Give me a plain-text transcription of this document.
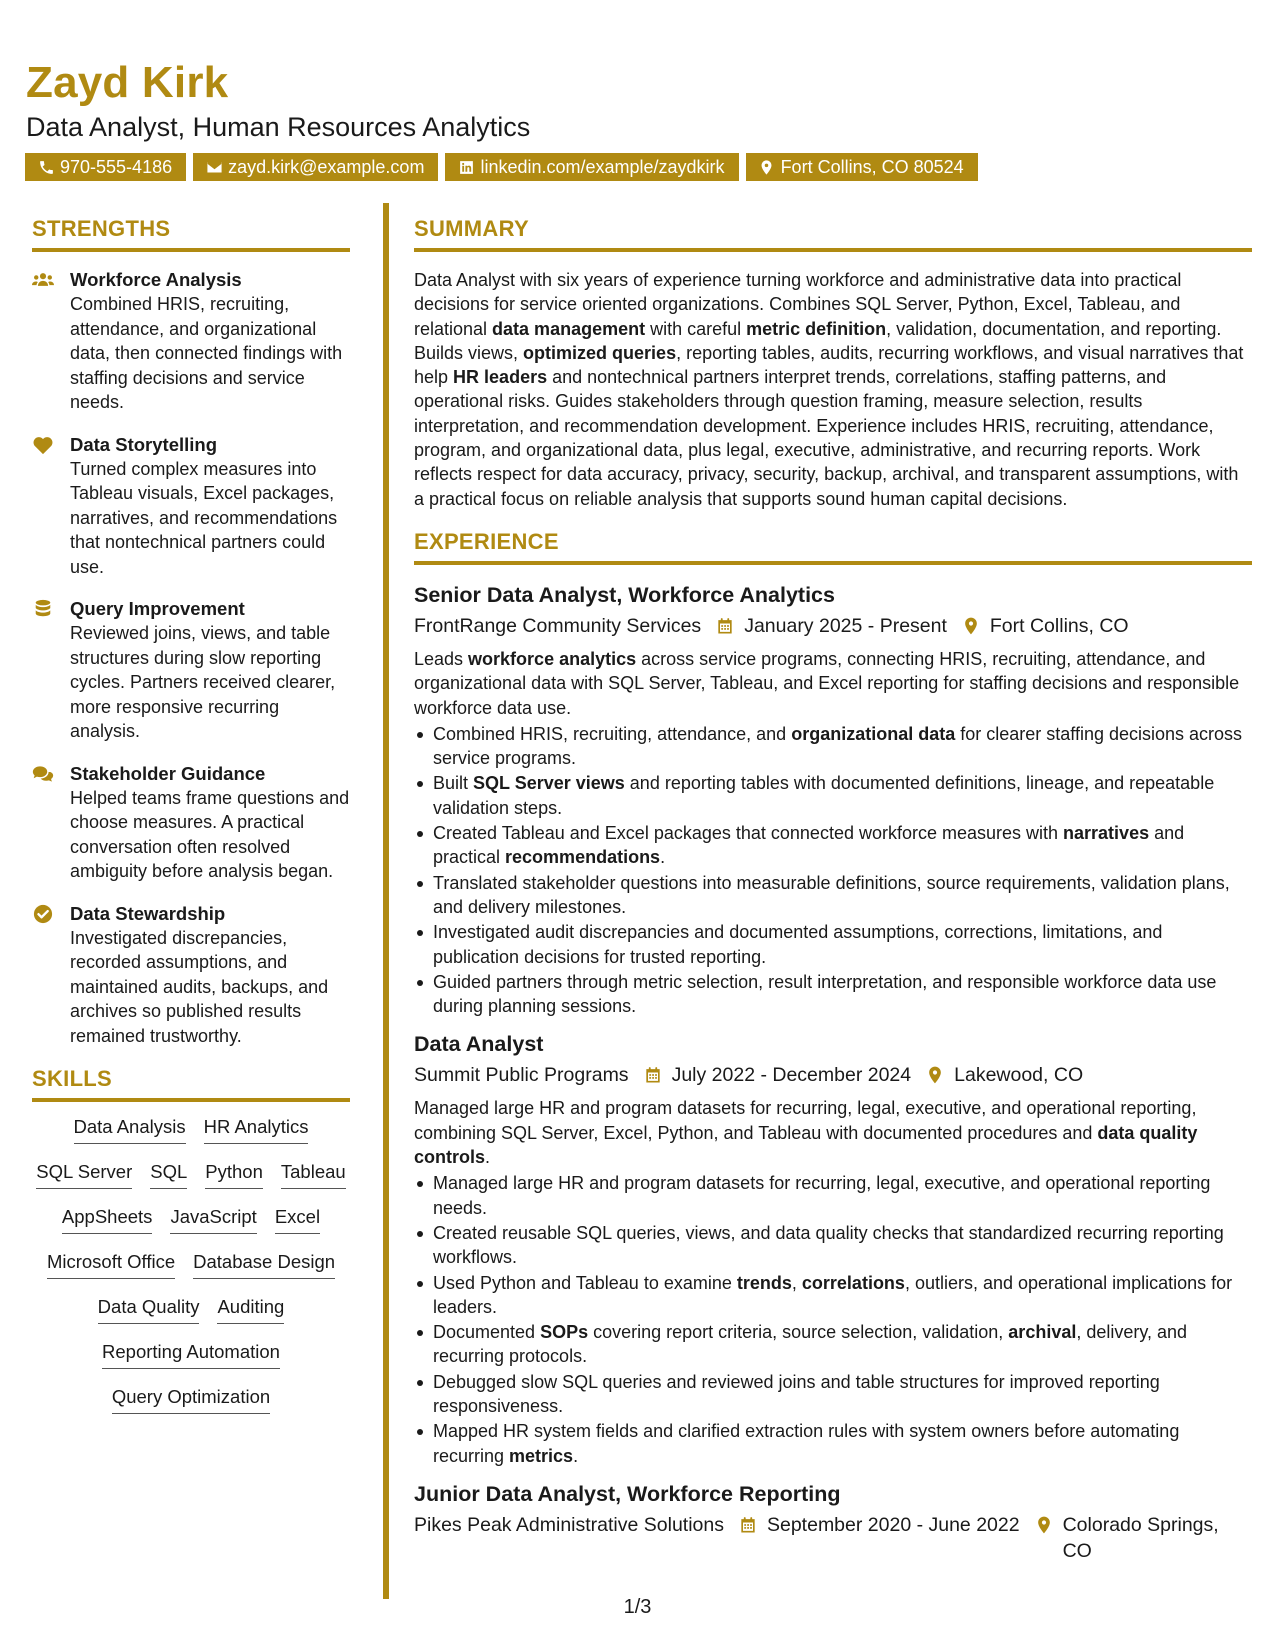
Zayd Kirk
Data Analyst, Human Resources Analytics
970-555-4186	zayd.kirk@example.com	linkedin.com/example/zaydkirk	Fort Collins, CO 80524
STRENGTHS
Workforce Analysis
Combined HRIS, recruiting, attendance, and organizational data, then connected findings with staffing decisions and service needs.
Data Storytelling
Turned complex measures into Tableau visuals, Excel packages, narratives, and recommendations that nontechnical partners could use.
Query Improvement
Reviewed joins, views, and table structures during slow reporting cycles. Partners received clearer, more responsive recurring analysis.
Stakeholder Guidance
Helped teams frame questions and choose measures. A practical conversation often resolved ambiguity before analysis began.
Data Stewardship
Investigated discrepancies, recorded assumptions, and maintained audits, backups, and archives so published results remained trustworthy.
SKILLS
Data Analysis HR Analytics
SQL Server SQL Python Tableau
AppSheets JavaScript Excel
Microsoft Office Database Design
Data Quality Auditing
Reporting Automation
Query Optimization
SUMMARY
Data Analyst with six years of experience turning workforce and administrative data into practical decisions for service oriented organizations. Combines SQL Server, Python, Excel, Tableau, and relational data management with careful metric definition, validation, documentation, and reporting. Builds views, optimized queries, reporting tables, audits, recurring workflows, and visual narratives that help HR leaders and nontechnical partners interpret trends, correlations, staffing patterns, and operational risks. Guides stakeholders through question framing, measure selection, results interpretation, and recommendation development. Experience includes HRIS, recruiting, attendance, program, and organizational data, plus legal, executive, administrative, and recurring reports. Work reflects respect for data accuracy, privacy, security, backup, archival, and transparent assumptions, with a practical focus on reliable analysis that supports sound human capital decisions.
EXPERIENCE
Senior Data Analyst, Workforce Analytics
FrontRange Community Services January 2025 - Present Fort Collins, CO
Leads workforce analytics across service programs, connecting HRIS, recruiting, attendance, and organizational data with SQL Server, Tableau, and Excel reporting for staffing decisions and responsible workforce data use.
Combined HRIS, recruiting, attendance, and organizational data for clearer staffing decisions across service programs.
Built SQL Server views and reporting tables with documented definitions, lineage, and repeatable validation steps.
Created Tableau and Excel packages that connected workforce measures with narratives and practical recommendations.
Translated stakeholder questions into measurable definitions, source requirements, validation plans, and delivery milestones.
Investigated audit discrepancies and documented assumptions, corrections, limitations, and publication decisions for trusted reporting.
Guided partners through metric selection, result interpretation, and responsible workforce data use during planning sessions.
Data Analyst
Summit Public Programs July 2022 - December 2024 Lakewood, CO
Managed large HR and program datasets for recurring, legal, executive, and operational reporting, combining SQL Server, Excel, Python, and Tableau with documented procedures and data quality controls.
Managed large HR and program datasets for recurring, legal, executive, and operational reporting needs.
Created reusable SQL queries, views, and data quality checks that standardized recurring reporting workflows.
Used Python and Tableau to examine trends, correlations, outliers, and operational implications for leaders.
Documented SOPs covering report criteria, source selection, validation, archival, delivery, and recurring protocols.
Debugged slow SQL queries and reviewed joins and table structures for improved reporting responsiveness.
Mapped HR system fields and clarified extraction rules with system owners before automating recurring metrics.
Junior Data Analyst, Workforce Reporting
Pikes Peak Administrative Solutions September 2020 - June 2022 Colorado Springs, CO
1/3
